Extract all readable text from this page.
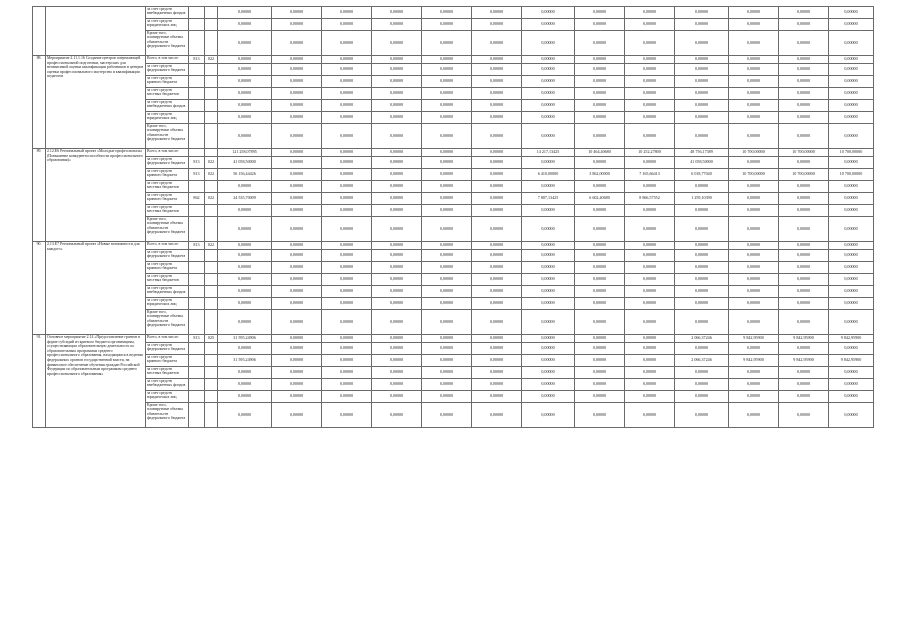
		за счет средств внебюджетных фондов			0,00000	0,00000	0,00000	0,00000	0,00000	0,00000	0,00000	0,00000	0,00000	0,00000	0,00000	0,00000	0,00000
		за счет средств юридических лиц			0,00000	0,00000	0,00000	0,00000	0,00000	0,00000	0,00000	0,00000	0,00000	0,00000	0,00000	0,00000	0,00000
		Кроме того, планируемые объемы обязательств федерального бюджета			0,00000	0,00000	0,00000	0,00000	0,00000	0,00000	0,00000	0,00000	0,00000	0,00000	0,00000	0,00000	0,00000
88.	Мероприятие 2.11.1.16 Создание центров опережающей профессиональной подготовки, мастерских для независимой оценки квалификации работников и центров оценки профессионального мастерства и квалификации педагогов	Всего, в том числе:	813	022	0,00000	0,00000	0,00000	0,00000	0,00000	0,00000	0,00000	0,00000	0,00000	0,00000	0,00000	0,00000	0,00000
		за счет средств федерального бюджета			0,00000	0,00000	0,00000	0,00000	0,00000	0,00000	0,00000	0,00000	0,00000	0,00000	0,00000	0,00000	0,00000
		за счет средств краевого бюджета			0,00000	0,00000	0,00000	0,00000	0,00000	0,00000	0,00000	0,00000	0,00000	0,00000	0,00000	0,00000	0,00000
		за счет средств местных бюджетов			0,00000	0,00000	0,00000	0,00000	0,00000	0,00000	0,00000	0,00000	0,00000	0,00000	0,00000	0,00000	0,00000
		за счет средств внебюджетных фондов			0,00000	0,00000	0,00000	0,00000	0,00000	0,00000	0,00000	0,00000	0,00000	0,00000	0,00000	0,00000	0,00000
		за счет средств юридических лиц			0,00000	0,00000	0,00000	0,00000	0,00000	0,00000	0,00000	0,00000	0,00000	0,00000	0,00000	0,00000	0,00000
		Кроме того, планируемые объемы обязательств федерального бюджета			0,00000	0,00000	0,00000	0,00000	0,00000	0,00000	0,00000	0,00000	0,00000	0,00000	0,00000	0,00000	0,00000
89.	2.12.E6 Региональный проект «Молодые профессионалы (Повышение конкурентоспособности профессионального образования)»	Всего, в том числе:			121 258,07895	0,00000	0,00000	0,00000	0,00000	0,00000	14 217,13425	10 464,40680	10 252,27800	48 756,17389	10 700,00000	10 700,00000	10 700,00000
		за счет средств федерального бюджета	813	022	41 058,50000	0,00000	0,00000	0,00000	0,00000	0,00000	0,00000	0,00000	0,00000	41 058,50000	0,00000	0,00000	0,00000
		за счет средств краевого бюджета	813	022	56 156,44426	0,00000	0,00000	0,00000	0,00000	0,00000	6 410,00000	3 862,00000	7 165,66413	6 018,77040	10 700,00000	10 700,00000	10 700,00000
		за счет средств местных бюджетов			0,00000	0,00000	0,00000	0,00000	0,00000	0,00000	0,00000	0,00000	0,00000	0,00000	0,00000	0,00000	0,00000
		за счет средств краевого бюджета	862	022	24 535,70009	0,00000	0,00000	0,00000	0,00000	0,00000	7 807,13425	6 602,40680	8 866,57552	1 259,10390	0,00000	0,00000	0,00000
		за счет средств местных бюджетов			0,00000	0,00000	0,00000	0,00000	0,00000	0,00000	0,00000	0,00000	0,00000	0,00000	0,00000	0,00000	0,00000
		Кроме того, планируемые объемы обязательств федерального бюджета			0,00000	0,00000	0,00000	0,00000	0,00000	0,00000	0,00000	0,00000	0,00000	0,00000	0,00000	0,00000	0,00000
90.	2.13.E7 Региональный проект «Новые возможности для каждого»	Всего, в том числе:	813	022	0,00000	0,00000	0,00000	0,00000	0,00000	0,00000	0,00000	0,00000	0,00000	0,00000	0,00000	0,00000	0,00000
		за счет средств федерального бюджета			0,00000	0,00000	0,00000	0,00000	0,00000	0,00000	0,00000	0,00000	0,00000	0,00000	0,00000	0,00000	0,00000
		за счет средств краевого бюджета			0,00000	0,00000	0,00000	0,00000	0,00000	0,00000	0,00000	0,00000	0,00000	0,00000	0,00000	0,00000	0,00000
		за счет средств местных бюджетов			0,00000	0,00000	0,00000	0,00000	0,00000	0,00000	0,00000	0,00000	0,00000	0,00000	0,00000	0,00000	0,00000
		за счет средств внебюджетных фондов			0,00000	0,00000	0,00000	0,00000	0,00000	0,00000	0,00000	0,00000	0,00000	0,00000	0,00000	0,00000	0,00000
		за счет средств юридических лиц			0,00000	0,00000	0,00000	0,00000	0,00000	0,00000	0,00000	0,00000	0,00000	0,00000	0,00000	0,00000	0,00000
		Кроме того, планируемые объемы обязательств федерального бюджета			0,00000	0,00000	0,00000	0,00000	0,00000	0,00000	0,00000	0,00000	0,00000	0,00000	0,00000	0,00000	0,00000
91.	Основное мероприятие 2.14 «Предоставление грантов в форме субсидий из краевого бюджета организациям, осуществляющим образовательную деятельность по образовательным программам среднего профессионального образования, находящимся в ведении федеральных органов государственной власти, на финансовое обеспечение обучения граждан Российской Федерации по образовательным программам среднего профессионального образования»	Всего, в том числе:	813	025	31 595,24906	0,00000	0,00000	0,00000	0,00000	0,00000	0,00000	0,00000	0,00000	2 066,37246	9 842,95900	9 842,95900	9 842,95900
		за счет средств федерального бюджета			0,00000	0,00000	0,00000	0,00000	0,00000	0,00000	0,00000	0,00000	0,00000	0,00000	0,00000	0,00000	0,00000
		за счет средств краевого бюджета			31 595,24906	0,00000	0,00000	0,00000	0,00000	0,00000	0,00000	0,00000	0,00000	2 066,37246	9 842,95900	9 842,95900	9 842,95900
		за счет средств местных бюджетов			0,00000	0,00000	0,00000	0,00000	0,00000	0,00000	0,00000	0,00000	0,00000	0,00000	0,00000	0,00000	0,00000
		за счет средств внебюджетных фондов			0,00000	0,00000	0,00000	0,00000	0,00000	0,00000	0,00000	0,00000	0,00000	0,00000	0,00000	0,00000	0,00000
		за счет средств юридических лиц			0,00000	0,00000	0,00000	0,00000	0,00000	0,00000	0,00000	0,00000	0,00000	0,00000	0,00000	0,00000	0,00000
		Кроме того, планируемые объемы обязательств федерального бюджета			0,00000	0,00000	0,00000	0,00000	0,00000	0,00000	0,00000	0,00000	0,00000	0,00000	0,00000	0,00000	0,00000
